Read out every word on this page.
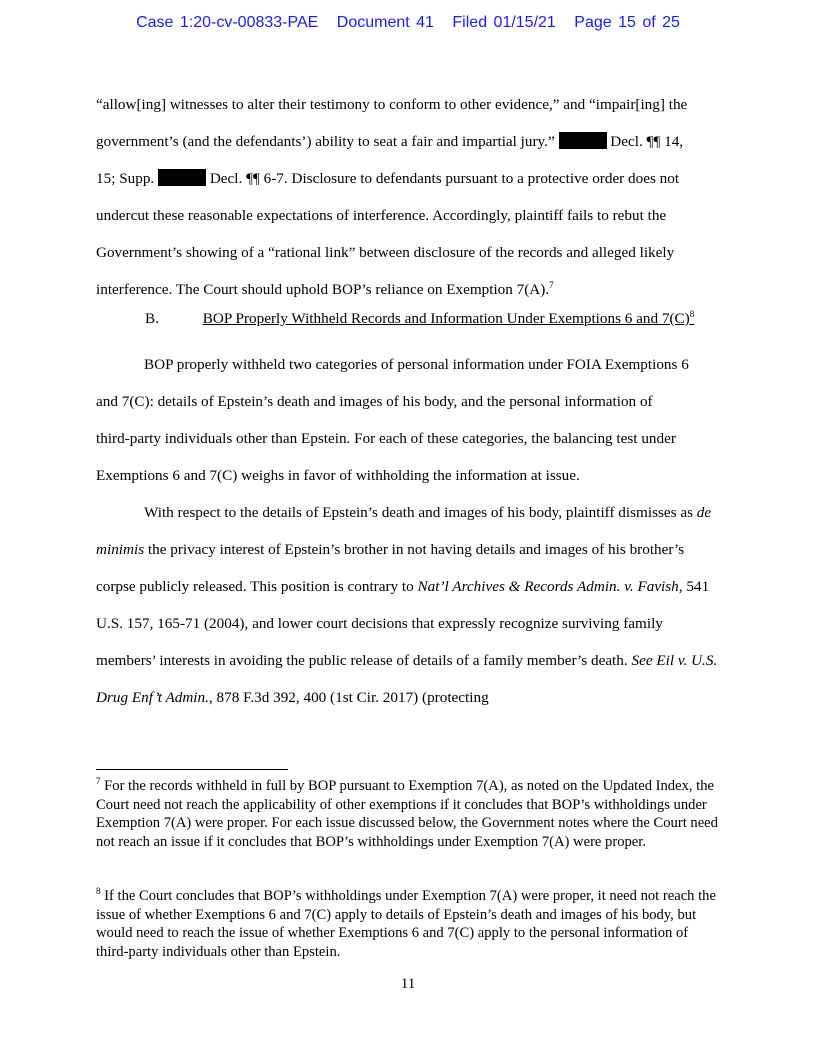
Case 1:20-cv-00833-PAE Document 41 Filed 01/15/21 Page 15 of 25
“allow[ing] witnesses to alter their testimony to conform to other evidence,” and “impair[ing] the
government’s (and the defendants’) ability to seat a fair and impartial jury.”	Decl. ¶¶ 14,
15; Supp.	Decl. ¶¶ 6-7. Disclosure to defendants pursuant to a protective order does not
undercut these reasonable expectations of interference. Accordingly, plaintiff fails to rebut the
Government’s showing of a “rational link” between disclosure of the records and alleged likely
interference. The Court should uphold BOP’s reliance on Exemption 7(A).$^7$
B.	BOP Properly Withheld Records and Information Under Exemptions 6 and $7(C)^8$
BOP properly withheld two categories of personal information under FOIA Exemptions 6
and 7(C): details of Epstein’s death and images of his body, and the personal information of
third-party individuals other than Epstein. For each of these categories, the balancing test under
Exemptions 6 and 7(C) weighs in favor of withholding the information at issue.

With respect to the details of Epstein’s death and images of his body, plaintiff dismisses as de minimis the privacy interest of Epstein’s brother in not having details and images of his brother’s corpse publicly released. This position is contrary to Nat’l Archives & Records Admin. v. Favish, 541 U.S. 157, 165-71 (2004), and lower court decisions that expressly recognize surviving family members’ interests in avoiding the public release of details of a family member’s death. See Eil v. U.S. Drug Enf’t Admin., 878 F.3d 392, 400 (1st Cir. 2017) (protecting

$^7$ For the records withheld in full by BOP pursuant to Exemption 7(A), as noted on the Updated Index, the Court need not reach the applicability of other exemptions if it concludes that BOP’s withholdings under Exemption 7(A) were proper. For each issue discussed below, the Government notes where the Court need not reach an issue if it concludes that BOP’s withholdings under Exemption 7(A) were proper.

$^8$ If the Court concludes that BOP’s withholdings under Exemption 7(A) were proper, it need not reach the issue of whether Exemptions 6 and 7(C) apply to details of Epstein’s death and images of his body, but would need to reach the issue of whether Exemptions 6 and 7(C) apply to the personal information of third-party individuals other than Epstein.

11
